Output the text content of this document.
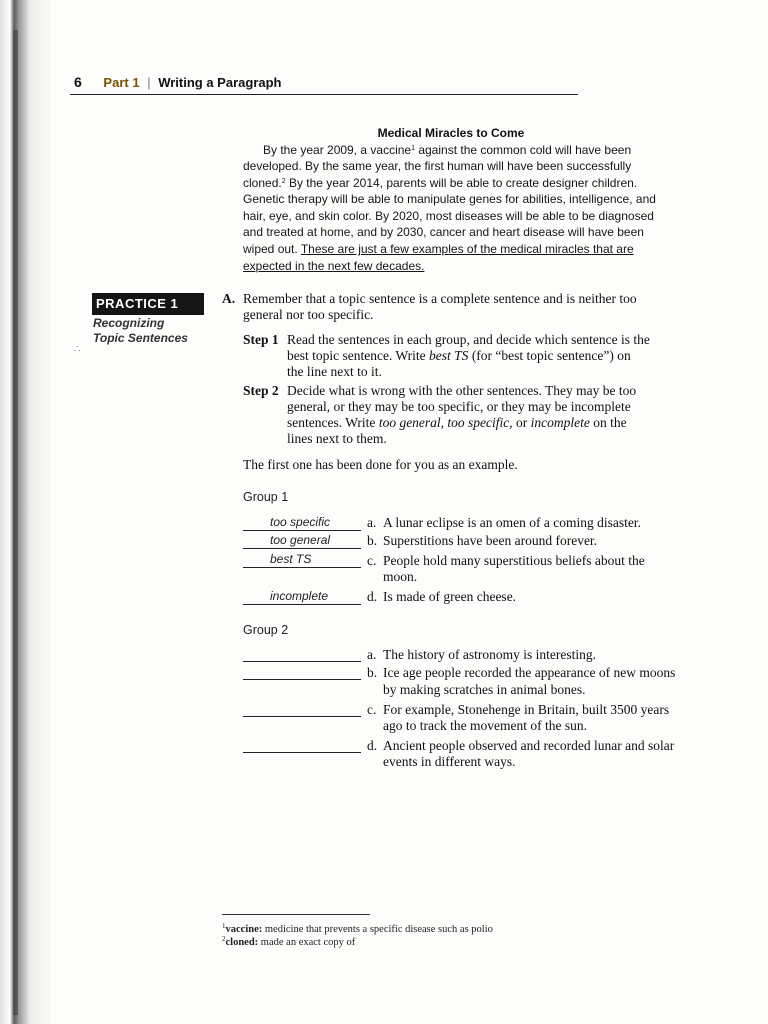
6 Part 1 | Writing a Paragraph
Medical Miracles to Come
By the year 2009, a vaccine$^1$ against the common cold will have been
developed. By the same year, the first human will have been successfully
cloned.$^2$ By the year 2014, parents will be able to create designer children.
Genetic therapy will be able to manipulate genes for abilities, intelligence, and
hair, eye, and skin color. By 2020, most diseases will be able to be diagnosed
and treated at home, and by 2030, cancer and heart disease will have been
wiped out. These are just a few examples of the medical miracles that are
expected in the next few decades.
PRACTICE 1
Recognizing
Topic Sentences
∴
A. Remember that a topic sentence is a complete sentence and is neither too
general nor too specific.
Step 1 Read the sentences in each group, and decide which sentence is the
best topic sentence. Write best TS (for “best topic sentence”) on
the line next to it.
Step 2 Decide what is wrong with the other sentences. They may be too
general, or they may be too specific, or they may be incomplete
sentences. Write too general, too specific, or incomplete on the
lines next to them.
The first one has been done for you as an example.
Group 1
too specific	a. A lunar eclipse is an omen of a coming disaster.
too general	b. Superstitions have been around forever.
best TS	c. People hold many superstitious beliefs about the
moon.
incomplete	d. Is made of green cheese.
Group 2
a. The history of astronomy is interesting.
b. Ice age people recorded the appearance of new moons
by making scratches in animal bones.
c. For example, Stonehenge in Britain, built 3500 years
ago to track the movement of the sun.
d. Ancient people observed and recorded lunar and solar
events in different ways.
$^1$vaccine: medicine that prevents a specific disease such as polio
$^2$cloned: made an exact copy of
